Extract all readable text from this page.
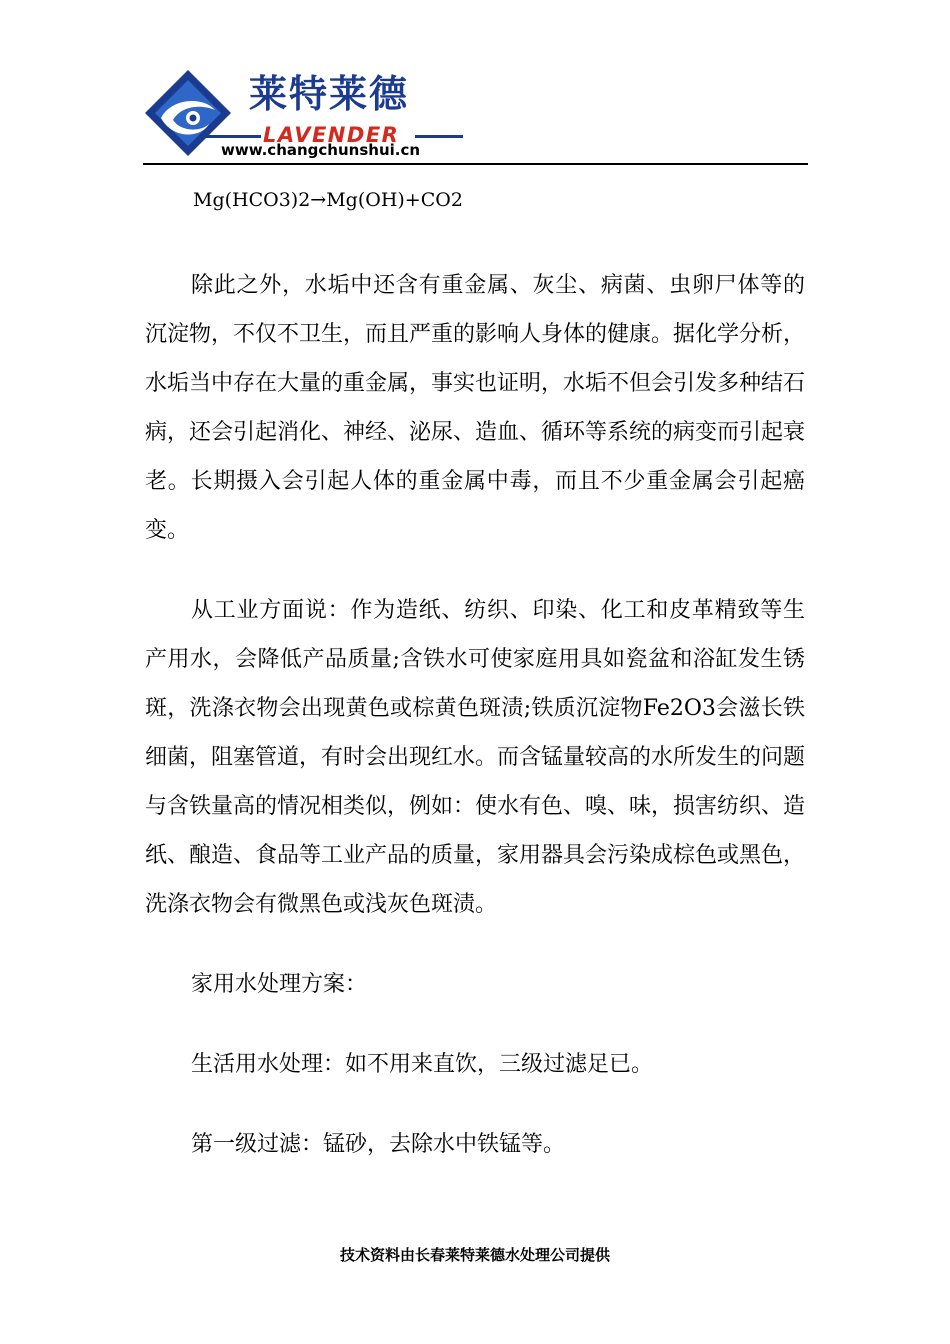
莱特莱德
LAVENDER
www.changchunshui.cn
Mg(HCO3)2→Mg(OH)+CO2

除此之外，水垢中还含有重金属、灰尘、病菌、虫卵尸体等的沉淀物，不仅不卫生，而且严重的影响人身体的健康。据化学分析，水垢当中存在大量的重金属，事实也证明，水垢不但会引发多种结石病，还会引起消化、神经、泌尿、造血、循环等系统的病变而引起衰老。长期摄入会引起人体的重金属中毒，而且不少重金属会引起癌变。

从工业方面说：作为造纸、纺织、印染、化工和皮革精致等生产用水，会降低产品质量;含铁水可使家庭用具如瓷盆和浴缸发生锈斑，洗涤衣物会出现黄色或棕黄色斑渍;铁质沉淀物Fe2O3会滋长铁细菌，阻塞管道，有时会出现红水。而含锰量较高的水所发生的问题与含铁量高的情况相类似，例如：使水有色、嗅、味，损害纺织、造纸、酿造、食品等工业产品的质量，家用器具会污染成棕色或黑色，洗涤衣物会有微黑色或浅灰色斑渍。

家用水处理方案：

生活用水处理：如不用来直饮，三级过滤足已。

第一级过滤：锰砂，去除水中铁锰等。

技术资料由长春莱特莱德水处理公司提供
